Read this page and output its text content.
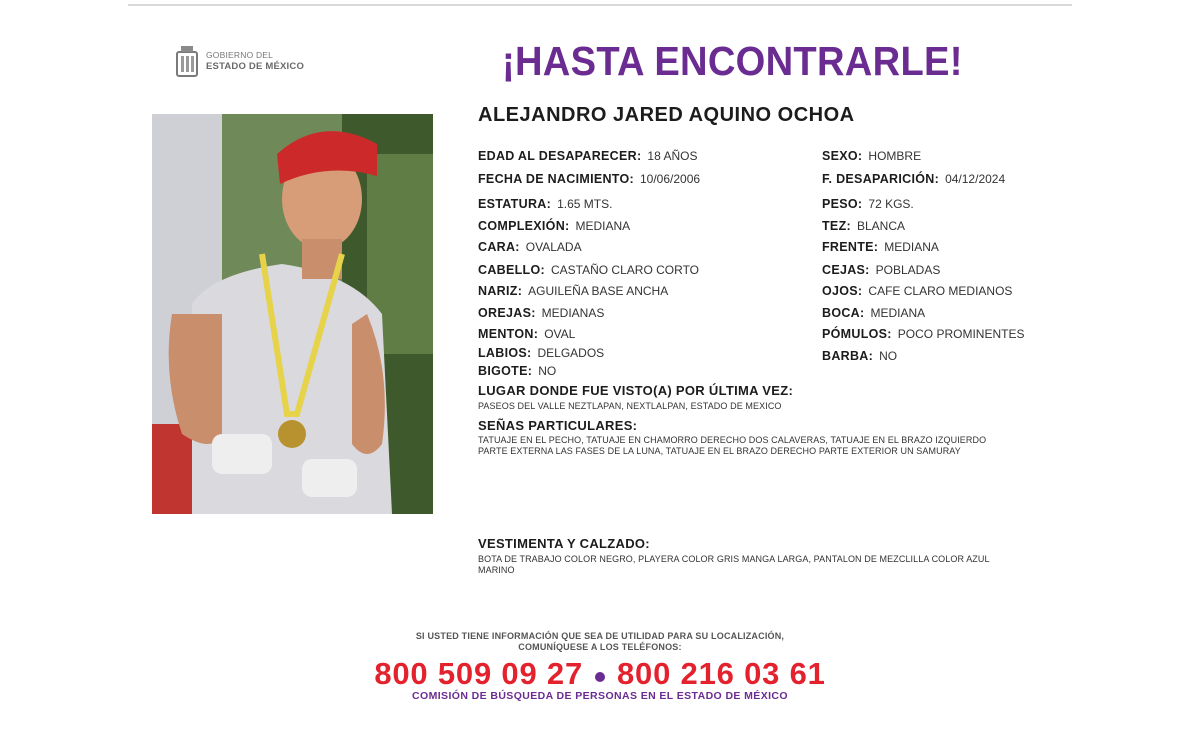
GOBIERNO DEL
ESTADO DE MÉXICO	¡HASTA ENCONTRARLE!
ALEJANDRO JARED AQUINO OCHOA
EDAD AL DESAPARECER: 18 AÑOS
FECHA DE NACIMIENTO: 10/06/2006
ESTATURA: 1.65 MTS.
COMPLEXIÓN: MEDIANA
CARA: OVALADA
CABELLO: CASTAÑO CLARO CORTO
NARIZ: AGUILEÑA BASE ANCHA
OREJAS: MEDIANAS
MENTON: OVAL
LABIOS: DELGADOS
BIGOTE: NO
SEXO: HOMBRE
F. DESAPARICIÓN: 04/12/2024
PESO: 72 KGS.
TEZ: BLANCA
FRENTE: MEDIANA
CEJAS: POBLADAS
OJOS: CAFE CLARO MEDIANOS
BOCA: MEDIANA
PÓMULOS: POCO PROMINENTES
BARBA: NO
LUGAR DONDE FUE VISTO(A) POR ÚLTIMA VEZ:
PASEOS DEL VALLE NEZTLAPAN, NEXTLALPAN, ESTADO DE MEXICO
SEÑAS PARTICULARES:
TATUAJE EN EL PECHO, TATUAJE EN CHAMORRO DERECHO DOS CALAVERAS, TATUAJE EN EL BRAZO IZQUIERDO
PARTE EXTERNA LAS FASES DE LA LUNA, TATUAJE EN EL BRAZO DERECHO PARTE EXTERIOR UN SAMURAY
VESTIMENTA Y CALZADO:
BOTA DE TRABAJO COLOR NEGRO, PLAYERA COLOR GRIS MANGA LARGA, PANTALON DE MEZCLILLA COLOR AZUL
MARINO
SI USTED TIENE INFORMACIÓN QUE SEA DE UTILIDAD PARA SU LOCALIZACIÓN,
COMUNÍQUESE A LOS TELÉFONOS:
800 509 09 27 800 216 03 61
COMISIÓN DE BÚSQUEDA DE PERSONAS EN EL ESTADO DE MÉXICO
